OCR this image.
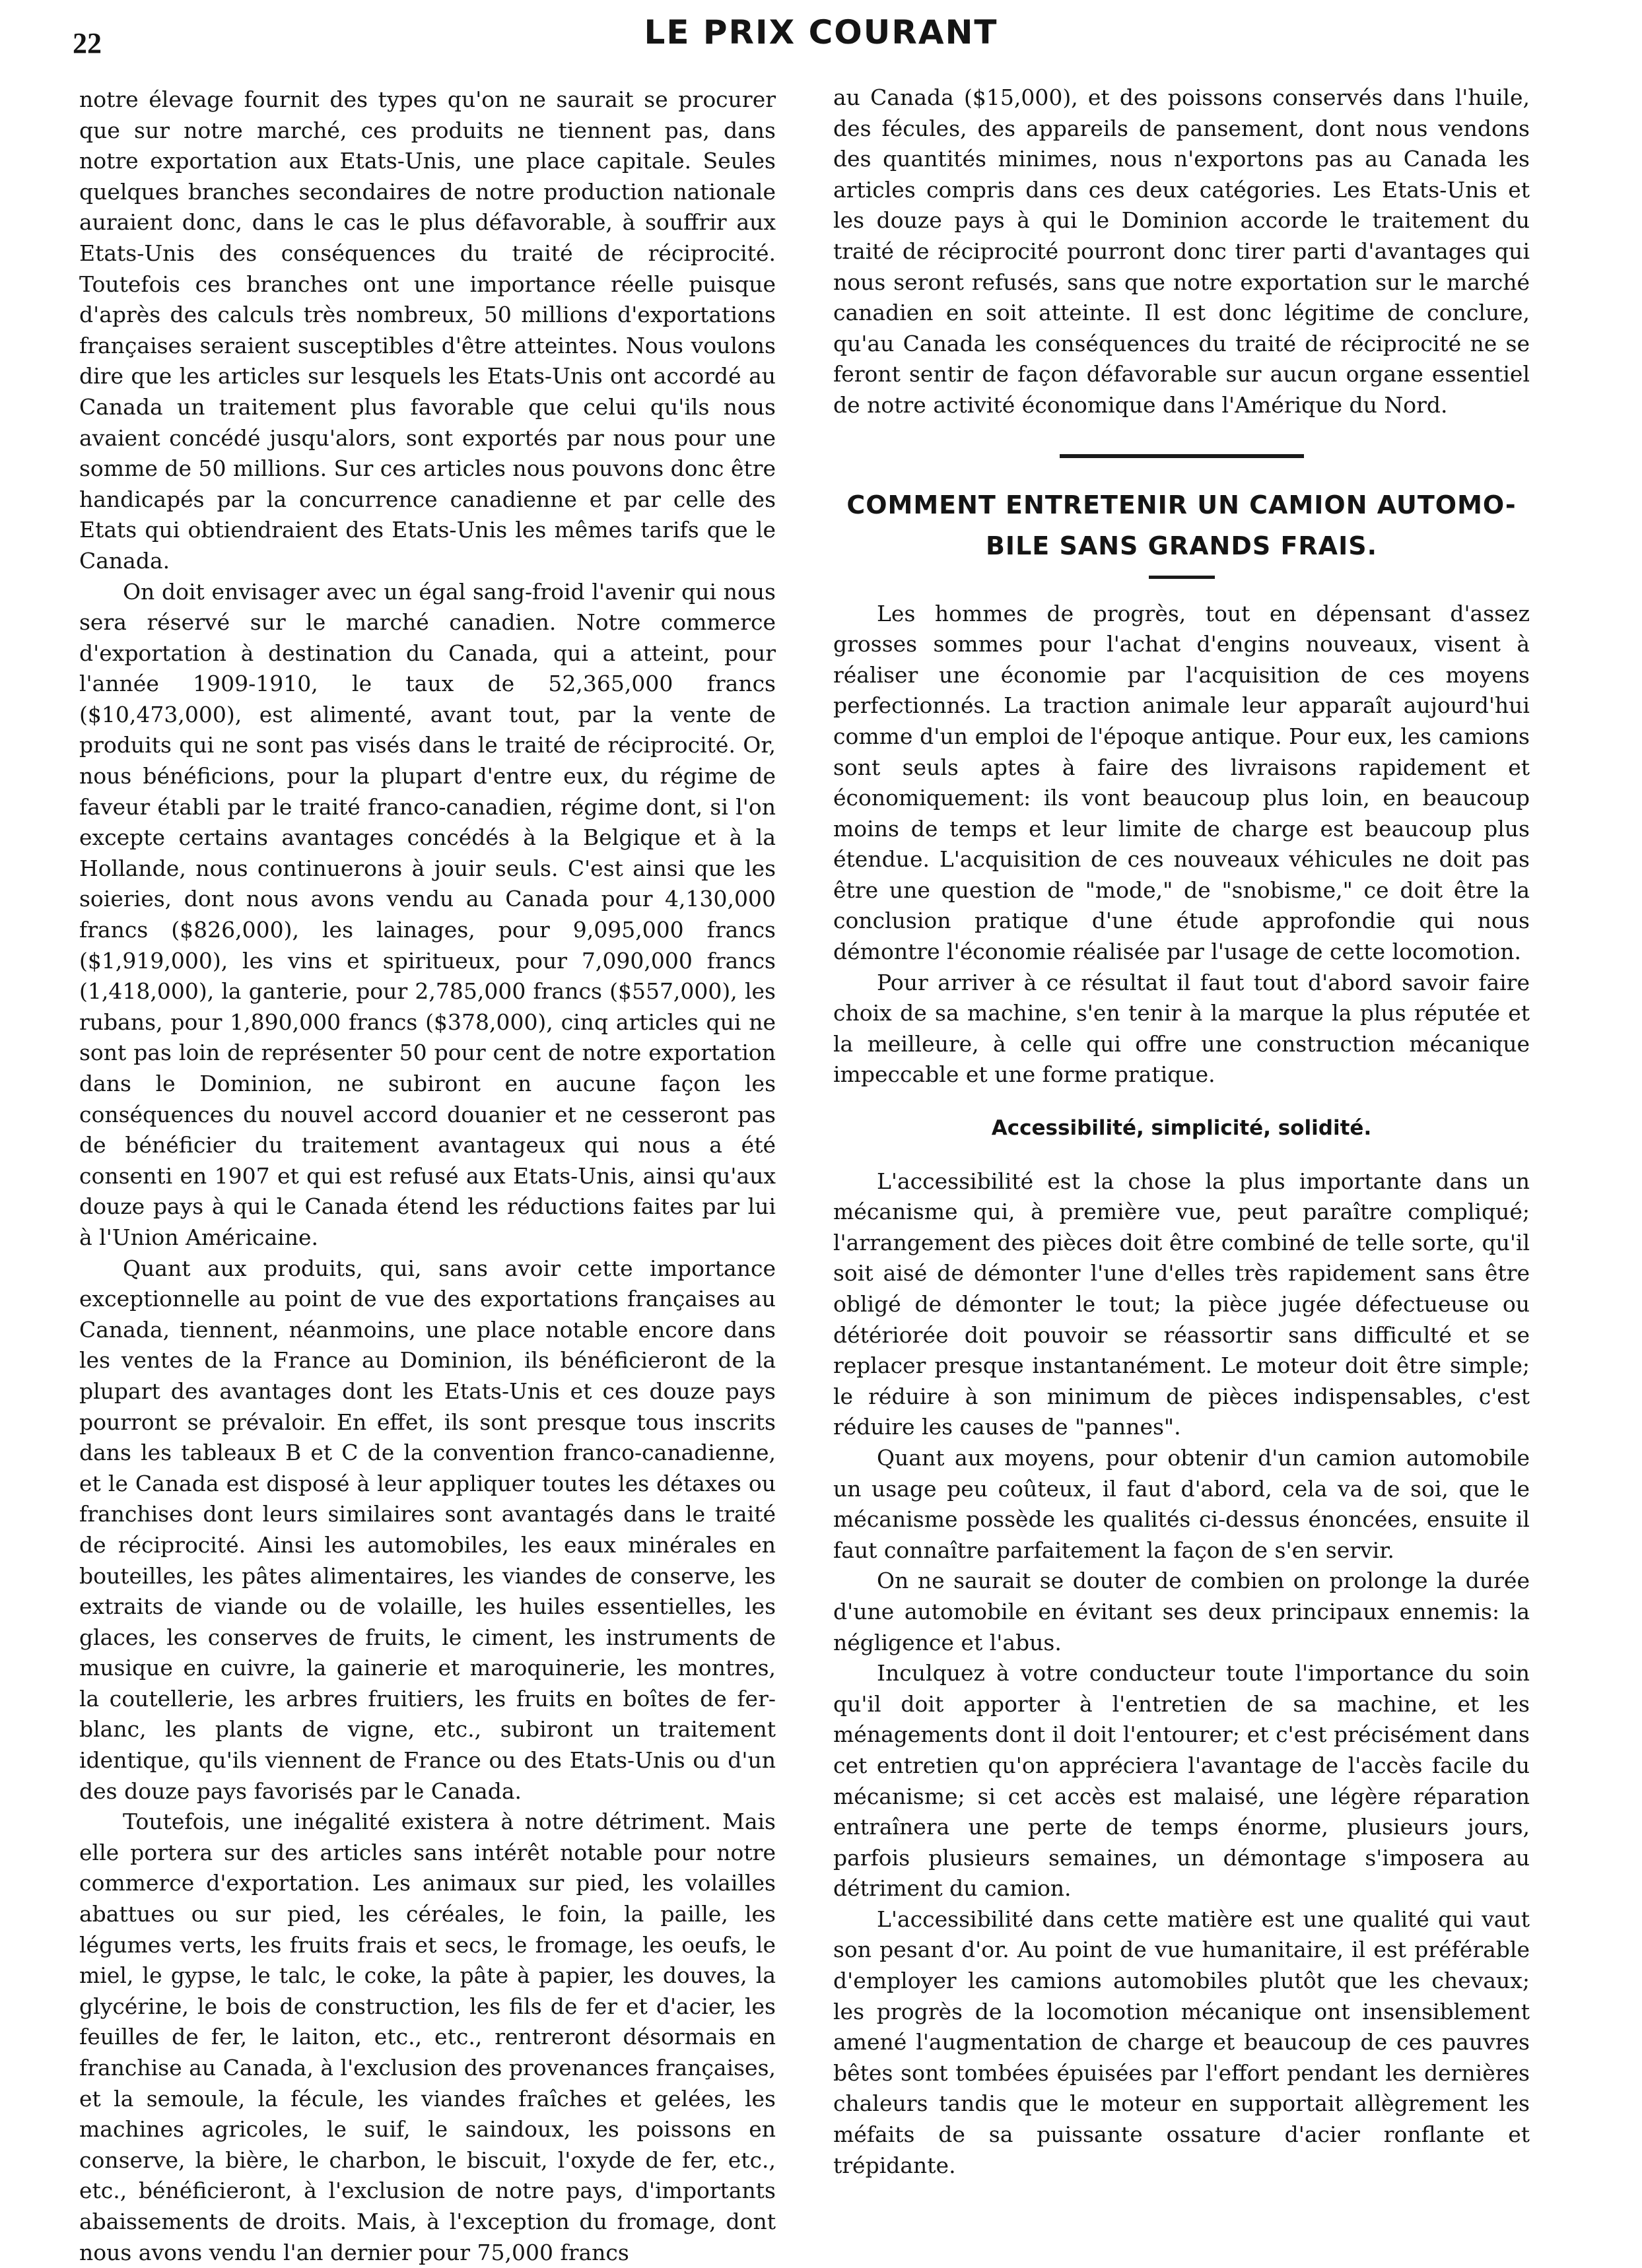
22	LE PRIX COURANT

notre élevage fournit des types qu'on ne saurait se procurer que sur notre marché, ces produits ne tiennent pas, dans notre exportation aux Etats-Unis, une place capitale. Seules quelques branches secondaires de notre production nationale auraient donc, dans le cas le plus défavorable, à souffrir aux Etats-Unis des conséquences du traité de réciprocité. Toutefois ces branches ont une importance réelle puisque d'après des calculs très nombreux, 50 millions d'exportations françaises seraient susceptibles d'être atteintes. Nous voulons dire que les articles sur lesquels les Etats-Unis ont accordé au Canada un traitement plus favorable que celui qu'ils nous avaient concédé jusqu'alors, sont exportés par nous pour une somme de 50 millions. Sur ces articles nous pouvons donc être handicapés par la concurrence canadienne et par celle des Etats qui obtiendraient des Etats-Unis les mêmes tarifs que le Canada.

On doit envisager avec un égal sang-froid l'avenir qui nous sera réservé sur le marché canadien. Notre commerce d'exportation à destination du Canada, qui a atteint, pour l'année 1909-1910, le taux de 52,365,000 francs ($10,473,000), est alimenté, avant tout, par la vente de produits qui ne sont pas visés dans le traité de réciprocité. Or, nous bénéficions, pour la plupart d'entre eux, du régime de faveur établi par le traité franco-canadien, régime dont, si l'on excepte certains avantages concédés à la Belgique et à la Hollande, nous continuerons à jouir seuls. C'est ainsi que les soieries, dont nous avons vendu au Canada pour 4,130,000 francs ($826,000), les lainages, pour 9,095,000 francs ($1,919,000), les vins et spiritueux, pour 7,090,000 francs (1,418,000), la ganterie, pour 2,785,000 francs ($557,000), les rubans, pour 1,890,000 francs ($378,000), cinq articles qui ne sont pas loin de représenter 50 pour cent de notre exportation dans le Dominion, ne subiront en aucune façon les conséquences du nouvel accord douanier et ne cesseront pas de bénéficier du traitement avantageux qui nous a été consenti en 1907 et qui est refusé aux Etats-Unis, ainsi qu'aux douze pays à qui le Canada étend les réductions faites par lui à l'Union Américaine.

Quant aux produits, qui, sans avoir cette importance exceptionnelle au point de vue des exportations françaises au Canada, tiennent, néanmoins, une place notable encore dans les ventes de la France au Dominion, ils bénéficieront de la plupart des avantages dont les Etats-Unis et ces douze pays pourront se prévaloir. En effet, ils sont presque tous inscrits dans les tableaux B et C de la convention franco-canadienne, et le Canada est disposé à leur appliquer toutes les détaxes ou franchises dont leurs similaires sont avantagés dans le traité de réciprocité. Ainsi les automobiles, les eaux minérales en bouteilles, les pâtes alimentaires, les viandes de conserve, les extraits de viande ou de volaille, les huiles essentielles, les glaces, les conserves de fruits, le ciment, les instruments de musique en cuivre, la gainerie et maroquinerie, les montres, la coutellerie, les arbres fruitiers, les fruits en boîtes de fer-blanc, les plants de vigne, etc., subiront un traitement identique, qu'ils viennent de France ou des Etats-Unis ou d'un des douze pays favorisés par le Canada.

Toutefois, une inégalité existera à notre détriment. Mais elle portera sur des articles sans intérêt notable pour notre commerce d'exportation. Les animaux sur pied, les volailles abattues ou sur pied, les céréales, le foin, la paille, les légumes verts, les fruits frais et secs, le fromage, les oeufs, le miel, le gypse, le talc, le coke, la pâte à papier, les douves, la glycérine, le bois de construction, les fils de fer et d'acier, les feuilles de fer, le laiton, etc., etc., rentreront désormais en franchise au Canada, à l'exclusion des provenances françaises, et la semoule, la fécule, les viandes fraîches et gelées, les machines agricoles, le suif, le saindoux, les poissons en conserve, la bière, le charbon, le biscuit, l'oxyde de fer, etc., etc., bénéficieront, à l'exclusion de notre pays, d'importants abaissements de droits. Mais, à l'exception du fromage, dont nous avons vendu l'an dernier pour 75,000 francs

au Canada ($15,000), et des poissons conservés dans l'huile, des fécules, des appareils de pansement, dont nous vendons des quantités minimes, nous n'exportons pas au Canada les articles compris dans ces deux catégories. Les Etats-Unis et les douze pays à qui le Dominion accorde le traitement du traité de réciprocité pourront donc tirer parti d'avantages qui nous seront refusés, sans que notre exportation sur le marché canadien en soit atteinte. Il est donc légitime de conclure, qu'au Canada les conséquences du traité de réciprocité ne se feront sentir de façon défavorable sur aucun organe essentiel de notre activité économique dans l'Amérique du Nord.

COMMENT ENTRETENIR UN CAMION AUTOMO-
BILE SANS GRANDS FRAIS.

Les hommes de progrès, tout en dépensant d'assez grosses sommes pour l'achat d'engins nouveaux, visent à réaliser une économie par l'acquisition de ces moyens perfectionnés. La traction animale leur apparaît aujourd'hui comme d'un emploi de l'époque antique. Pour eux, les camions sont seuls aptes à faire des livraisons rapidement et économiquement: ils vont beaucoup plus loin, en beaucoup moins de temps et leur limite de charge est beaucoup plus étendue. L'acquisition de ces nouveaux véhicules ne doit pas être une question de "mode," de "snobisme," ce doit être la conclusion pratique d'une étude approfondie qui nous démontre l'économie réalisée par l'usage de cette locomotion.

Pour arriver à ce résultat il faut tout d'abord savoir faire choix de sa machine, s'en tenir à la marque la plus réputée et la meilleure, à celle qui offre une construction mécanique impeccable et une forme pratique.

Accessibilité, simplicité, solidité.

L'accessibilité est la chose la plus importante dans un mécanisme qui, à première vue, peut paraître compliqué; l'arrangement des pièces doit être combiné de telle sorte, qu'il soit aisé de démonter l'une d'elles très rapidement sans être obligé de démonter le tout; la pièce jugée défectueuse ou détériorée doit pouvoir se réassortir sans difficulté et se replacer presque instantanément. Le moteur doit être simple; le réduire à son minimum de pièces indispensables, c'est réduire les causes de "pannes".

Quant aux moyens, pour obtenir d'un camion automobile un usage peu coûteux, il faut d'abord, cela va de soi, que le mécanisme possède les qualités ci-dessus énoncées, ensuite il faut connaître parfaitement la façon de s'en servir.

On ne saurait se douter de combien on prolonge la durée d'une automobile en évitant ses deux principaux ennemis: la négligence et l'abus.

Inculquez à votre conducteur toute l'importance du soin qu'il doit apporter à l'entretien de sa machine, et les ménagements dont il doit l'entourer; et c'est précisément dans cet entretien qu'on appréciera l'avantage de l'accès facile du mécanisme; si cet accès est malaisé, une légère réparation entraînera une perte de temps énorme, plusieurs jours, parfois plusieurs semaines, un démontage s'imposera au détriment du camion.

L'accessibilité dans cette matière est une qualité qui vaut son pesant d'or. Au point de vue humanitaire, il est préférable d'employer les camions automobiles plutôt que les chevaux; les progrès de la locomotion mécanique ont insensiblement amené l'augmentation de charge et beaucoup de ces pauvres bêtes sont tombées épuisées par l'effort pendant les dernières chaleurs tandis que le moteur en supportait allègrement les méfaits de sa puissante ossature d'acier ronflante et trépidante.
